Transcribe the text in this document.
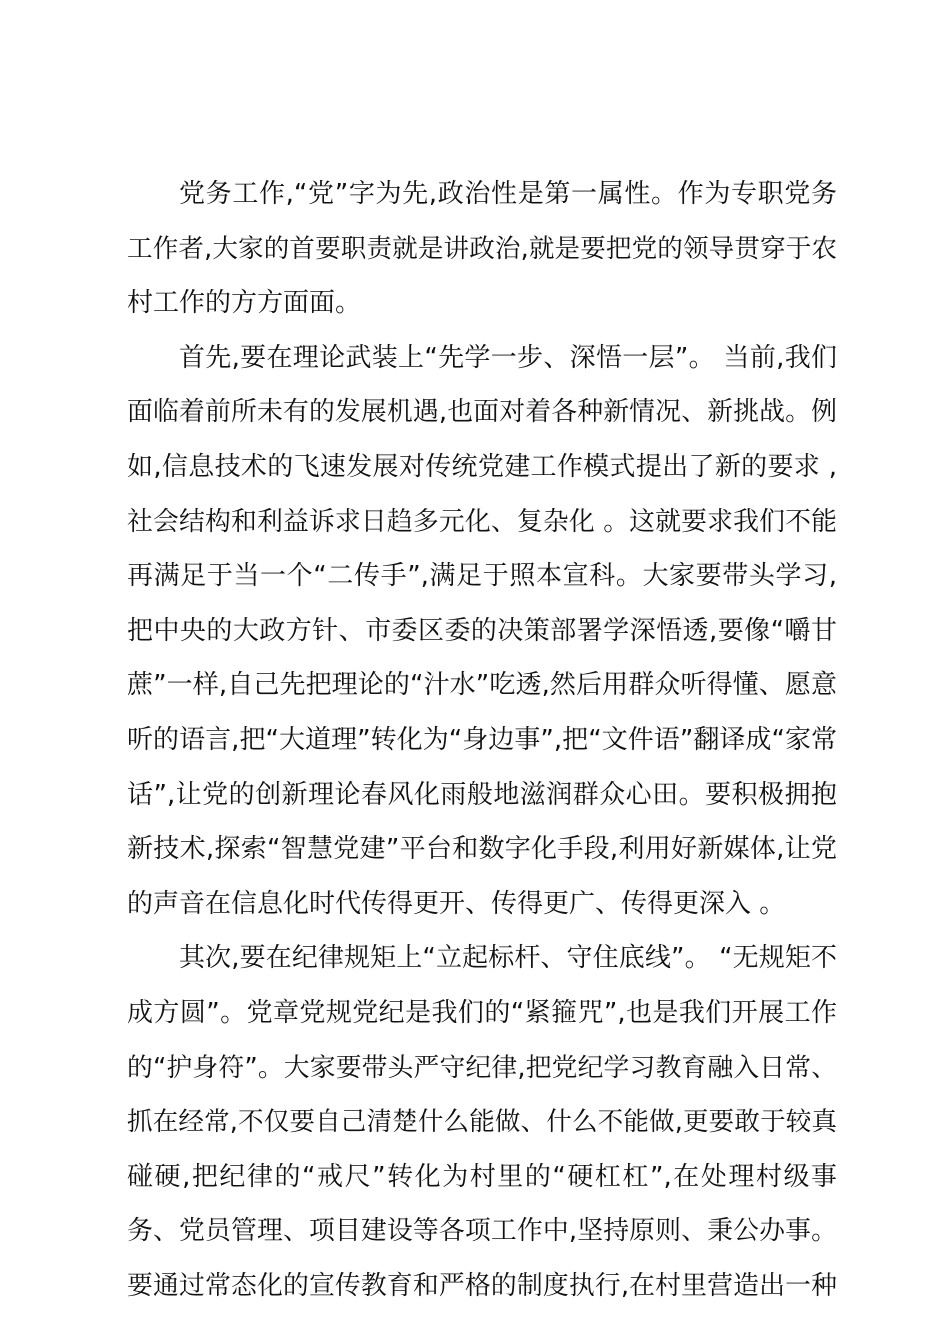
党务工作,“党”字为先,政治性是第一属性。作为专职党务
工作者,大家的首要职责就是讲政治,就是要把党的领导贯穿于农
村工作的方方面面。
首先,要在理论武装上“先学一步、深悟一层”。 当前,我们
面临着前所未有的发展机遇,也面对着各种新情况、新挑战。例
如,信息技术的飞速发展对传统党建工作模式提出了新的要求 ,
社会结构和利益诉求日趋多元化、复杂化 。这就要求我们不能
再满足于当一个“二传手”,满足于照本宣科。大家要带头学习,
把中央的大政方针、市委区委的决策部署学深悟透,要像“嚼甘
蔗”一样,自己先把理论的“汁水”吃透,然后用群众听得懂、愿意
听的语言,把“大道理”转化为“身边事”,把“文件语”翻译成“家常
话”,让党的创新理论春风化雨般地滋润群众心田。要积极拥抱
新技术,探索“智慧党建”平台和数字化手段,利用好新媒体,让党
的声音在信息化时代传得更开、传得更广、传得更深入 。
其次,要在纪律规矩上“立起标杆、守住底线”。 “无规矩不
成方圆”。党章党规党纪是我们的“紧箍咒”,也是我们开展工作
的“护身符”。大家要带头严守纪律,把党纪学习教育融入日常、
抓在经常,不仅要自己清楚什么能做、什么不能做,更要敢于较真
碰硬,把纪律的“戒尺”转化为村里的“硬杠杠”,在处理村级事
务、党员管理、项目建设等各项工作中,坚持原则、秉公办事。
要通过常态化的宣传教育和严格的制度执行,在村里营造出一种
